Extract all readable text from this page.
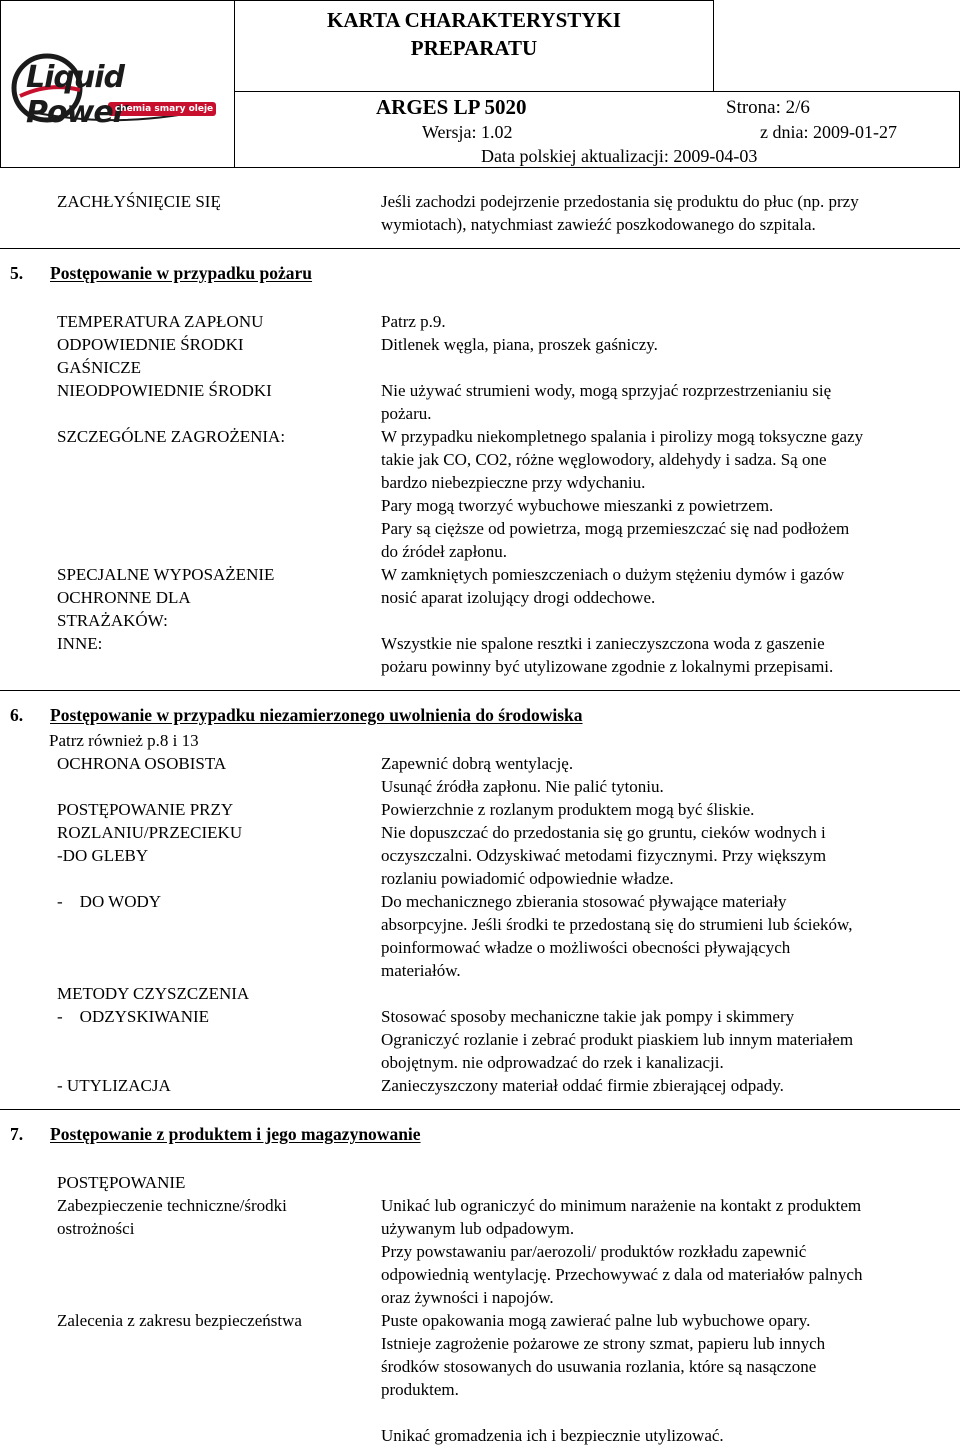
Liquid Power
chemia smary oleje
KARTA CHARAKTERYSTYKI
PREPARATU
ARGES LP 5020	Strona: 2/6
Wersja: 1.02	z dnia: 2009-01-27
Data polskiej aktualizacji: 2009-04-03
ZACHŁYŚNIĘCIE SIĘ	Jeśli zachodzi podejrzenie przedostania się produktu do płuc (np. przy
wymiotach), natychmiast zawieźć poszkodowanego do szpitala.
5. Postępowanie w przypadku pożaru
TEMPERATURA ZAPŁONU	Patrz p.9.
ODPOWIEDNIE ŚRODKI	Ditlenek węgla, piana, proszek gaśniczy.
GAŚNICZE
NIEODPOWIEDNIE ŚRODKI	Nie używać strumieni wody, mogą sprzyjać rozprzestrzenianiu się
pożaru.
SZCZEGÓLNE ZAGROŻENIA:	W przypadku niekompletnego spalania i pirolizy mogą toksyczne gazy
takie jak CO, CO2, różne węglowodory, aldehydy i sadza. Są one
bardzo niebezpieczne przy wdychaniu.
Pary mogą tworzyć wybuchowe mieszanki z powietrzem.
Pary są cięższe od powietrza, mogą przemieszczać się nad podłożem
do źródeł zapłonu.
SPECJALNE WYPOSAŻENIE	W zamkniętych pomieszczeniach o dużym stężeniu dymów i gazów
OCHRONNE DLA	nosić aparat izolujący drogi oddechowe.
STRAŻAKÓW:
INNE:	Wszystkie nie spalone resztki i zanieczyszczona woda z gaszenie
pożaru powinny być utylizowane zgodnie z lokalnymi przepisami.
6. Postępowanie w przypadku niezamierzonego uwolnienia do środowiska
Patrz również p.8 i 13
OCHRONA OSOBISTA	Zapewnić dobrą wentylację.
Usunąć źródła zapłonu. Nie palić tytoniu.
POSTĘPOWANIE PRZY	Powierzchnie z rozlanym produktem mogą być śliskie.
ROZLANIU/PRZECIEKU	Nie dopuszczać do przedostania się go gruntu, cieków wodnych i
-DO GLEBY	oczyszczalni. Odzyskiwać metodami fizycznymi. Przy większym
rozlaniu powiadomić odpowiednie władze.
-    DO WODY	Do mechanicznego zbierania stosować pływające materiały
absorpcyjne. Jeśli środki te przedostaną się do strumieni lub ścieków,
poinformować władze o możliwości obecności pływających
materiałów.
METODY CZYSZCZENIA
-    ODZYSKIWANIE	Stosować sposoby mechaniczne takie jak pompy i skimmery
Ograniczyć rozlanie i zebrać produkt piaskiem lub innym materiałem
obojętnym. nie odprowadzać do rzek i kanalizacji.
- UTYLIZACJA	Zanieczyszczony materiał oddać firmie zbierającej odpady.
7. Postępowanie z produktem i jego magazynowanie
POSTĘPOWANIE
Zabezpieczenie techniczne/środki	Unikać lub ograniczyć do minimum narażenie na kontakt z produktem
ostrożności	używanym lub odpadowym.
Przy powstawaniu par/aerozoli/ produktów rozkładu zapewnić
odpowiednią wentylację. Przechowywać z dala od materiałów palnych
oraz żywności i napojów.
Zalecenia z zakresu bezpieczeństwa	Puste opakowania mogą zawierać palne lub wybuchowe opary.
Istnieje zagrożenie pożarowe ze strony szmat, papieru lub innych
środków stosowanych do usuwania rozlania, które są nasączone
produktem.
Unikać gromadzenia ich i bezpiecznie utylizować.
